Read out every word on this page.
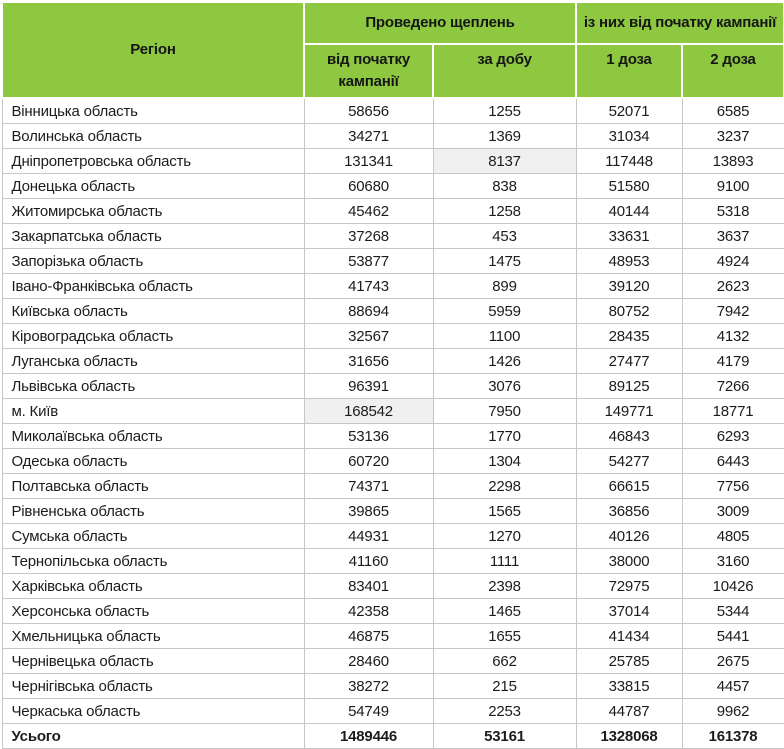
Регіон	Проведено щеплень		із них від початку кампанії	
	від початку кампанії	за добу	1 доза	2 доза
Вінницька область	58656	1255	52071	6585
Волинська область	34271	1369	31034	3237
Дніпропетровська область	131341	8137	117448	13893
Донецька область	60680	838	51580	9100
Житомирська область	45462	1258	40144	5318
Закарпатська область	37268	453	33631	3637
Запорізька область	53877	1475	48953	4924
Івано-Франківська область	41743	899	39120	2623
Київська область	88694	5959	80752	7942
Кіровоградська область	32567	1100	28435	4132
Луганська область	31656	1426	27477	4179
Львівська область	96391	3076	89125	7266
м. Київ	168542	7950	149771	18771
Миколаївська область	53136	1770	46843	6293
Одеська область	60720	1304	54277	6443
Полтавська область	74371	2298	66615	7756
Рівненська область	39865	1565	36856	3009
Сумська область	44931	1270	40126	4805
Тернопільська область	41160	1111	38000	3160
Харківська область	83401	2398	72975	10426
Херсонська область	42358	1465	37014	5344
Хмельницька область	46875	1655	41434	5441
Чернівецька область	28460	662	25785	2675
Чернігівська область	38272	215	33815	4457
Черкаська область	54749	2253	44787	9962
Усього	1489446	53161	1328068	161378
